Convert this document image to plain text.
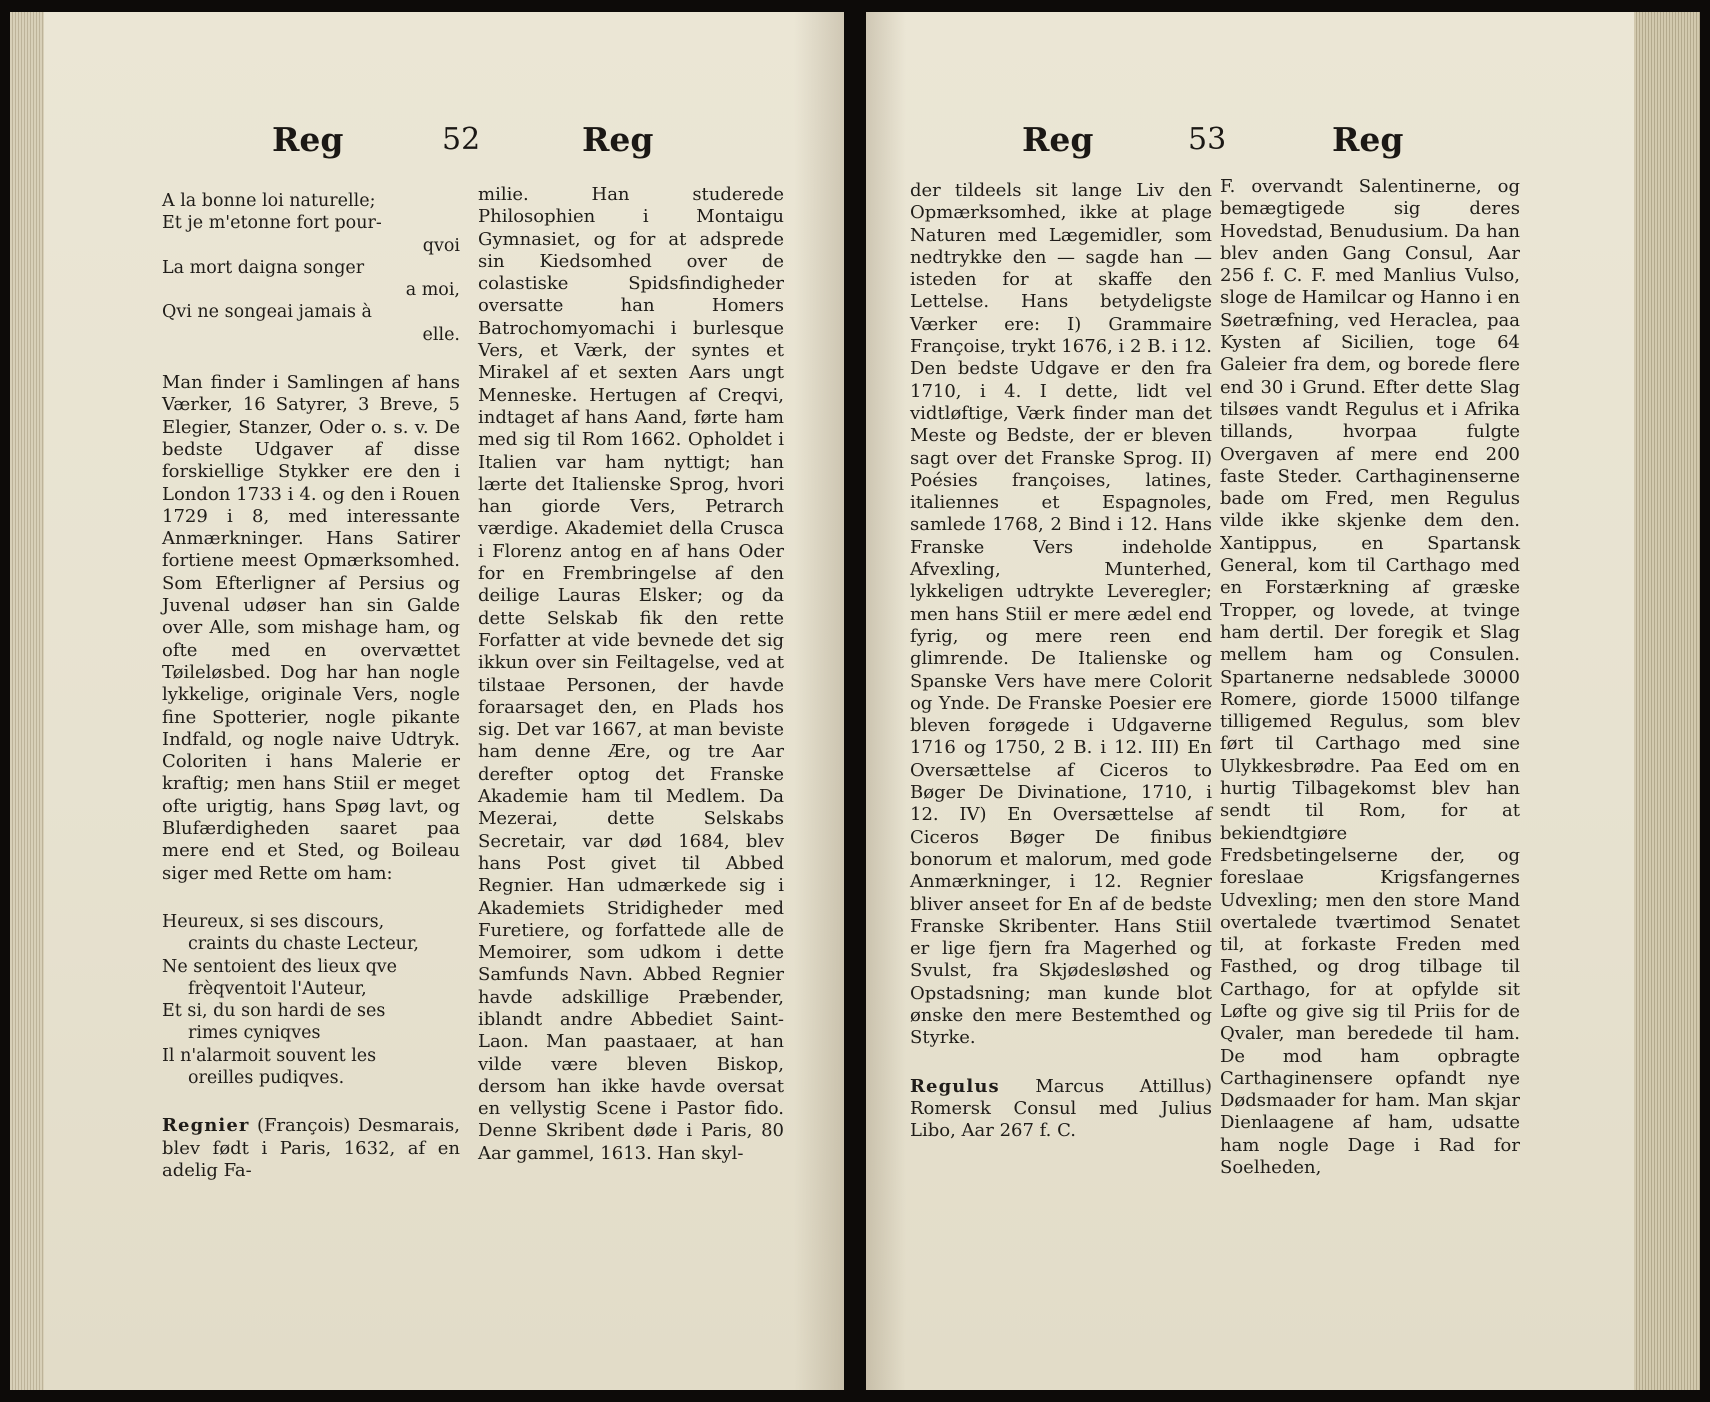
Reg	52	Reg
A la bonne loi naturelle;
Et je m'etonne fort pour-
qvoi
La mort daigna songer
a moi,
Qvi ne songeai jamais à
elle.

Man finder i Samlingen af hans Værker, 16 Satyrer, 3 Breve, 5 Elegier, Stanzer, Oder o. s. v. De bedste Udgaver af disse forskiellige Stykker ere den i London 1733 i 4. og den i Rouen 1729 i 8, med interessante Anmærkninger. Hans Satirer fortiene meest Opmærksomhed. Som Efterligner af Persius og Juvenal udøser han sin Galde over Alle, som mishage ham, og ofte med en overvættet Tøileløsbed. Dog har han nogle lykkelige, originale Vers, nogle fine Spotterier, nogle pikante Indfald, og nogle naive Udtryk. Coloriten i hans Malerie er kraftig; men hans Stiil er meget ofte urigtig, hans Spøg lavt, og Blufærdigheden saaret paa mere end et Sted, og Boileau siger med Rette om ham:

Heureux, si ses discours,
craints du chaste Lecteur,
Ne sentoient des lieux qve
frèqventoit l'Auteur,
Et si, du son hardi de ses
rimes cyniqves
Il n'alarmoit souvent les
oreilles pudiqves.

Regnier (François) Desmarais, blev født i Paris, 1632, af en adelig Fa-

milie. Han studerede Philosophien i Montaigu Gymnasiet, og for at adsprede sin Kiedsomhed over de colastiske Spidsfindigheder oversatte han Homers Batrochomyomachi i burlesque Vers, et Værk, der syntes et Mirakel af et sexten Aars ungt Menneske. Hertugen af Creqvi, indtaget af hans Aand, førte ham med sig til Rom 1662. Opholdet i Italien var ham nyttigt; han lærte det Italienske Sprog, hvori han giorde Vers, Petrarch værdige. Akademiet della Crusca i Florenz antog en af hans Oder for en Frembringelse af den deilige Lauras Elsker; og da dette Selskab fik den rette Forfatter at vide bevnede det sig ikkun over sin Feiltagelse, ved at tilstaae Personen, der havde foraarsaget den, en Plads hos sig. Det var 1667, at man beviste ham denne Ære, og tre Aar derefter optog det Franske Akademie ham til Medlem. Da Mezerai, dette Selskabs Secretair, var død 1684, blev hans Post givet til Abbed Regnier. Han udmærkede sig i Akademiets Stridigheder med Furetiere, og forfattede alle de Memoirer, som udkom i dette Samfunds Navn. Abbed Regnier havde adskillige Præbender, iblandt andre Abbediet Saint-Laon. Man paastaaer, at han vilde være bleven Biskop, dersom han ikke havde oversat en vellystig Scene i Pastor fido. Denne Skribent døde i Paris, 80 Aar gammel, 1613. Han skyl-

Reg	53	Reg

der tildeels sit lange Liv den Opmærksomhed, ikke at plage Naturen med Lægemidler, som nedtrykke den — sagde han — isteden for at skaffe den Lettelse. Hans betydeligste Værker ere: I) Grammaire Françoise, trykt 1676, i 2 B. i 12. Den bedste Udgave er den fra 1710, i 4. I dette, lidt vel vidtløftige, Værk finder man det Meste og Bedste, der er bleven sagt over det Franske Sprog. II) Poésies françoises, latines, italiennes et Espagnoles, samlede 1768, 2 Bind i 12. Hans Franske Vers indeholde Afvexling, Munterhed, lykkeligen udtrykte Leveregler; men hans Stiil er mere ædel end fyrig, og mere reen end glimrende. De Italienske og Spanske Vers have mere Colorit og Ynde. De Franske Poesier ere bleven forøgede i Udgaverne 1716 og 1750, 2 B. i 12. III) En Oversættelse af Ciceros to Bøger De Divinatione, 1710, i 12. IV) En Oversættelse af Ciceros Bøger De finibus bonorum et malorum, med gode Anmærkninger, i 12. Regnier bliver anseet for En af de bedste Franske Skribenter. Hans Stiil er lige fjern fra Magerhed og Svulst, fra Skjødesløshed og Opstadsning; man kunde blot ønske den mere Bestemthed og Styrke.

Regulus Marcus Attillus) Romersk Consul med Julius Libo, Aar 267 f. C.

F. overvandt Salentinerne, og bemægtigede sig deres Hovedstad, Benudusium. Da han blev anden Gang Consul, Aar 256 f. C. F. med Manlius Vulso, sloge de Hamilcar og Hanno i en Søetræfning, ved Heraclea, paa Kysten af Sicilien, toge 64 Galeier fra dem, og borede flere end 30 i Grund. Efter dette Slag tilsøes vandt Regulus et i Afrika tillands, hvorpaa fulgte Overgaven af mere end 200 faste Steder. Carthaginenserne bade om Fred, men Regulus vilde ikke skjenke dem den. Xantippus, en Spartansk General, kom til Carthago med en Forstærkning af græske Tropper, og lovede, at tvinge ham dertil. Der foregik et Slag mellem ham og Consulen. Spartanerne nedsablede 30000 Romere, giorde 15000 tilfange tilligemed Regulus, som blev ført til Carthago med sine Ulykkesbrødre. Paa Eed om en hurtig Tilbagekomst blev han sendt til Rom, for at bekiendtgiøre Fredsbetingelserne der, og foreslaae Krigsfangernes Udvexling; men den store Mand overtalede tværtimod Senatet til, at forkaste Freden med Fasthed, og drog tilbage til Carthago, for at opfylde sit Løfte og give sig til Priis for de Qvaler, man beredede til ham. De mod ham opbragte Carthaginensere opfandt nye Dødsmaader for ham. Man skjar Dienlaagene af ham, udsatte ham nogle Dage i Rad for Soelheden,
